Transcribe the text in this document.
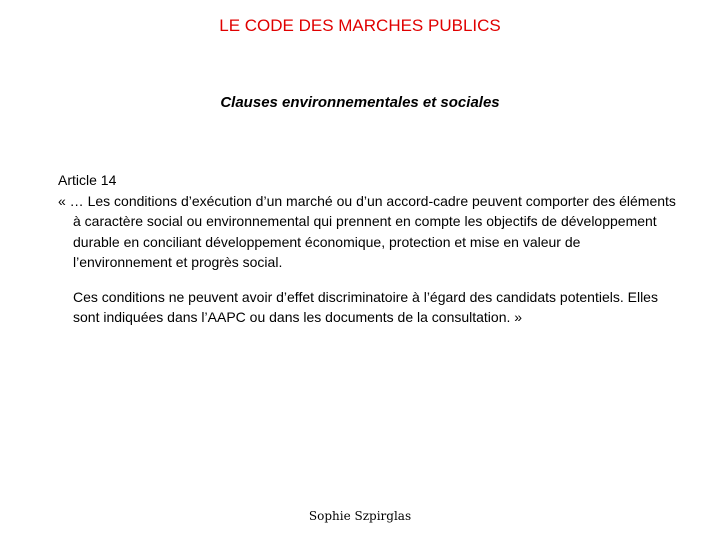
LE CODE DES MARCHES PUBLICS
Clauses environnementales et sociales

Article 14

« … Les conditions d’exécution d’un marché ou d’un accord-cadre peuvent comporter des éléments à caractère social ou environnemental qui prennent en compte les objectifs de développement durable en conciliant développement économique, protection et mise en valeur de l’environnement et progrès social.

Ces conditions ne peuvent avoir d’effet discriminatoire à l’égard des candidats potentiels. Elles sont indiquées dans l’AAPC ou dans les documents de la consultation. »

Sophie Szpirglas
